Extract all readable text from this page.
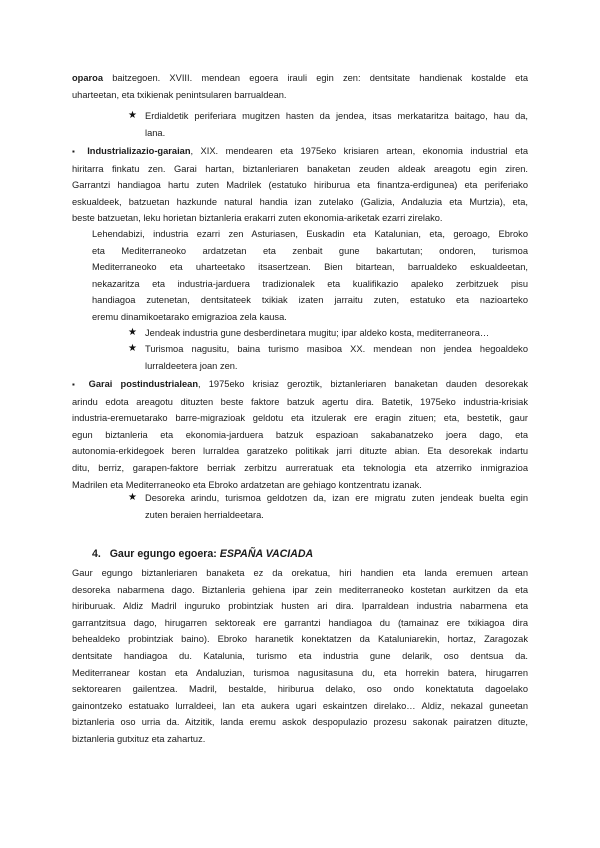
oparoa baitzegoen. XVIII. mendean egoera irauli egin zen: dentsitate handienak kostalde eta
uharteetan, eta txikienak penintsularen barrualdean.
★ Erdialdetik periferiara mugitzen hasten da jendea, itsas merkataritza baitago, hau da,
lana.
▪ Industrializazio-garaian, XIX. mendearen eta 1975eko krisiaren artean, ekonomia industrial eta
hiritarra finkatu zen. Garai hartan, biztanleriaren banaketan zeuden aldeak areagotu egin ziren.
Garrantzi handiagoa hartu zuten Madrilek (estatuko hiriburua eta finantza-erdigunea) eta periferiako
eskualdeek, batzuetan hazkunde natural handia izan zutelako (Galizia, Andaluzia eta Murtzia), eta,
beste batzuetan, leku horietan biztanleria erakarri zuten ekonomia-ariketak ezarri zirelako.
Lehendabizi, industria ezarri zen Asturiasen, Euskadin eta Katalunian, eta, geroago, Ebroko
eta Mediterraneoko ardatzetan eta zenbait gune bakartutan; ondoren, turismoa
Mediterraneoko eta uharteetako itsasertzean. Bien bitartean, barrualdeko eskualdeetan,
nekazaritza eta industria-jarduera tradizionalek eta kualifikazio apaleko zerbitzuek pisu
handiagoa zutenetan, dentsitateek txikiak izaten jarraitu zuten, estatuko eta nazioarteko
eremu dinamikoetarako emigrazioa zela kausa.
★ Jendeak industria gune desberdinetara mugitu; ipar aldeko kosta, mediterraneora…
★ Turismoa nagusitu, baina turismo masiboa XX. mendean non jendea hegoaldeko
lurraldeetera joan zen.
▪ Garai postindustrialean, 1975eko krisiaz geroztik, biztanleriaren banaketan dauden desorekak
arindu edota areagotu dituzten beste faktore batzuk agertu dira. Batetik, 1975eko industria-krisiak
industria-eremuetarako barre-migrazioak geldotu eta itzulerak ere eragin zituen; eta, bestetik, gaur
egun biztanleria eta ekonomia-jarduera batzuk espazioan sakabanatzeko joera dago, eta
autonomia-erkidegoek beren lurraldea garatzeko politikak jarri dituzte abian. Eta desorekak indartu
ditu, berriz, garapen-faktore berriak zerbitzu aurreratuak eta teknologia eta atzerriko inmigrazioa
Madrilen eta Mediterraneoko eta Ebroko ardatzetan are gehiago kontzentratu izanak.
★ Desoreka arindu, turismoa geldotzen da, izan ere migratu zuten jendeak buelta egin
zuten beraien herrialdeetara.
4. Gaur egungo egoera: ESPAÑA VACIADA
Gaur egungo biztanleriaren banaketa ez da orekatua, hiri handien eta landa eremuen artean
desoreka nabarmena dago. Biztanleria gehiena ipar zein mediterraneoko kostetan aurkitzen da eta
hiriburuak. Aldiz Madril inguruko probintziak husten ari dira. Iparraldean industria nabarmena eta
garrantzitsua dago, hirugarren sektoreak ere garrantzi handiagoa du (tamainaz ere txikiagoa dira
behealdeko probintziak baino). Ebroko haranetik konektatzen da Kataluniarekin, hortaz, Zaragozak
dentsitate handiagoa du. Katalunia, turismo eta industria gune delarik, oso dentsua da.
Mediterranear kostan eta Andaluzian, turismoa nagusitasuna du, eta horrekin batera, hirugarren
sektorearen gailentzea. Madril, bestalde, hiriburua delako, oso ondo konektatuta dagoelako
gainontzeko estatuako lurraldeei, lan eta aukera ugari eskaintzen direlako… Aldiz, nekazal guneetan
biztanleria oso urria da. Aitzitik, landa eremu askok despopulazio prozesu sakonak pairatzen dituzte,
biztanleria gutxituz eta zahartuz.
